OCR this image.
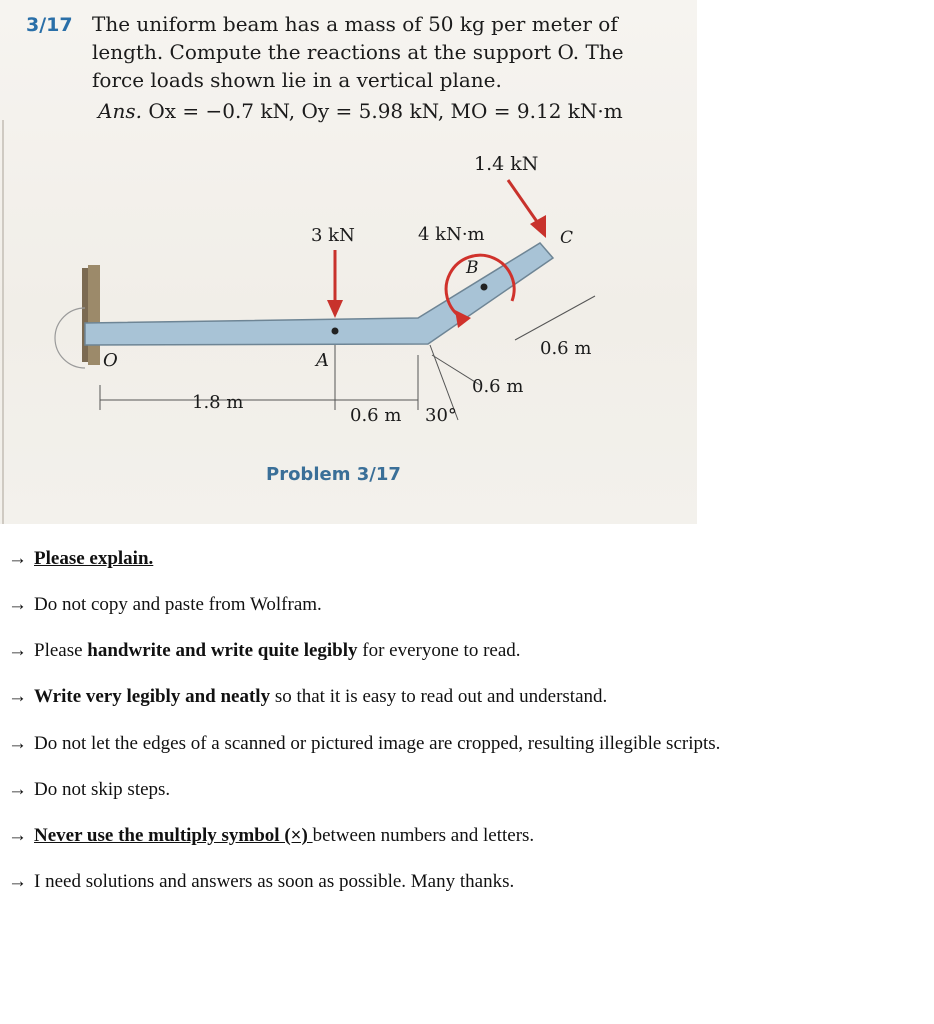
3/17 The uniform beam has a mass of 50 kg per meter of length. Compute the reactions at the support O. The force loads shown lie in a vertical plane.
Ans. Ox = −0.7 kN, Oy = 5.98 kN, MO = 9.12 kN·m
1.4 kN
3 kN	4 kN·m
B
C
A
O
1.8 m
0.6 m 30°
0.6 m
0.6 m
Problem 3/17
→ Please explain.
→ Do not copy and paste from Wolfram.
→ Please handwrite and write quite legibly for everyone to read.
→ Write very legibly and neatly so that it is easy to read out and understand.
→ Do not let the edges of a scanned or pictured image are cropped, resulting illegible scripts.
→ Do not skip steps.
→ Never use the multiply symbol (×) between numbers and letters.
→ I need solutions and answers as soon as possible. Many thanks.
